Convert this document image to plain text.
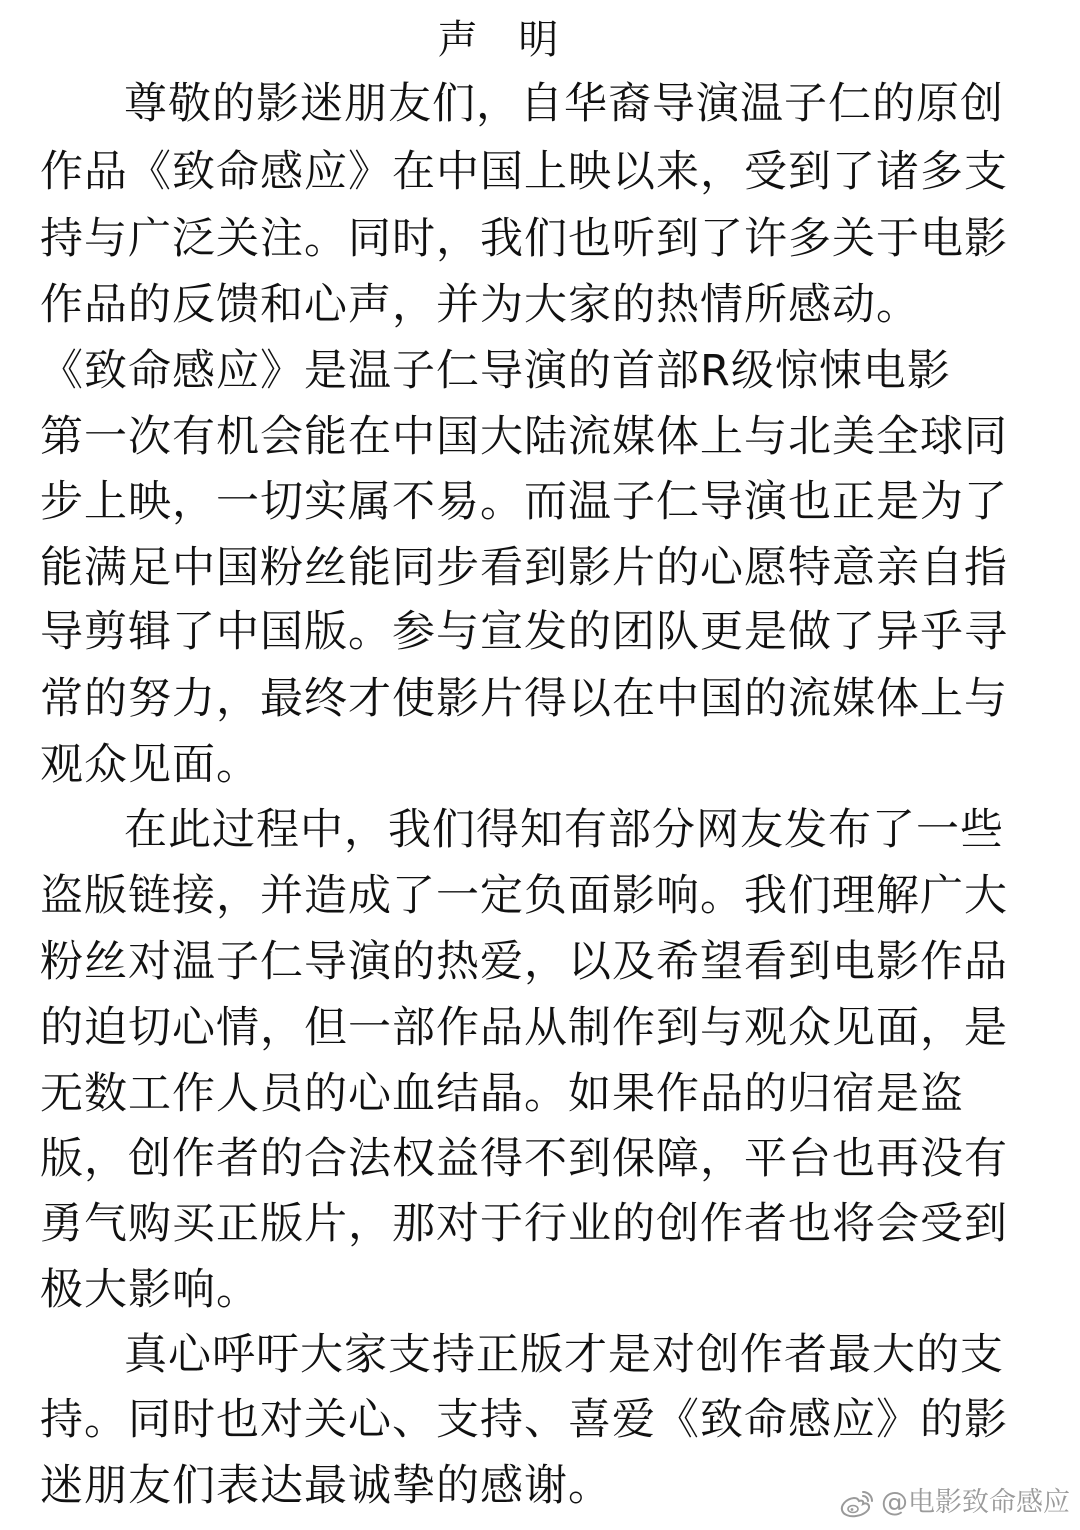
声 明
尊敬的影迷朋友们，自华裔导演温子仁的原创
作品《致命感应》在中国上映以来，受到了诸多支
持与广泛关注。同时，我们也听到了许多关于电影
作品的反馈和心声，并为大家的热情所感动。
《致命感应》是温子仁导演的首部R级惊悚电影
第一次有机会能在中国大陆流媒体上与北美全球同
步上映，一切实属不易。而温子仁导演也正是为了
能满足中国粉丝能同步看到影片的心愿特意亲自指
导剪辑了中国版。参与宣发的团队更是做了异乎寻
常的努力，最终才使影片得以在中国的流媒体上与
观众见面。
在此过程中，我们得知有部分网友发布了一些
盗版链接，并造成了一定负面影响。我们理解广大
粉丝对温子仁导演的热爱，以及希望看到电影作品
的迫切心情，但一部作品从制作到与观众见面，是
无数工作人员的心血结晶。如果作品的归宿是盗
版，创作者的合法权益得不到保障，平台也再没有
勇气购买正版片，那对于行业的创作者也将会受到
极大影响。
真心呼吁大家支持正版才是对创作者最大的支
持。同时也对关心、支持、喜爱《致命感应》的影
迷朋友们表达最诚挚的感谢。	@电影致命感应
